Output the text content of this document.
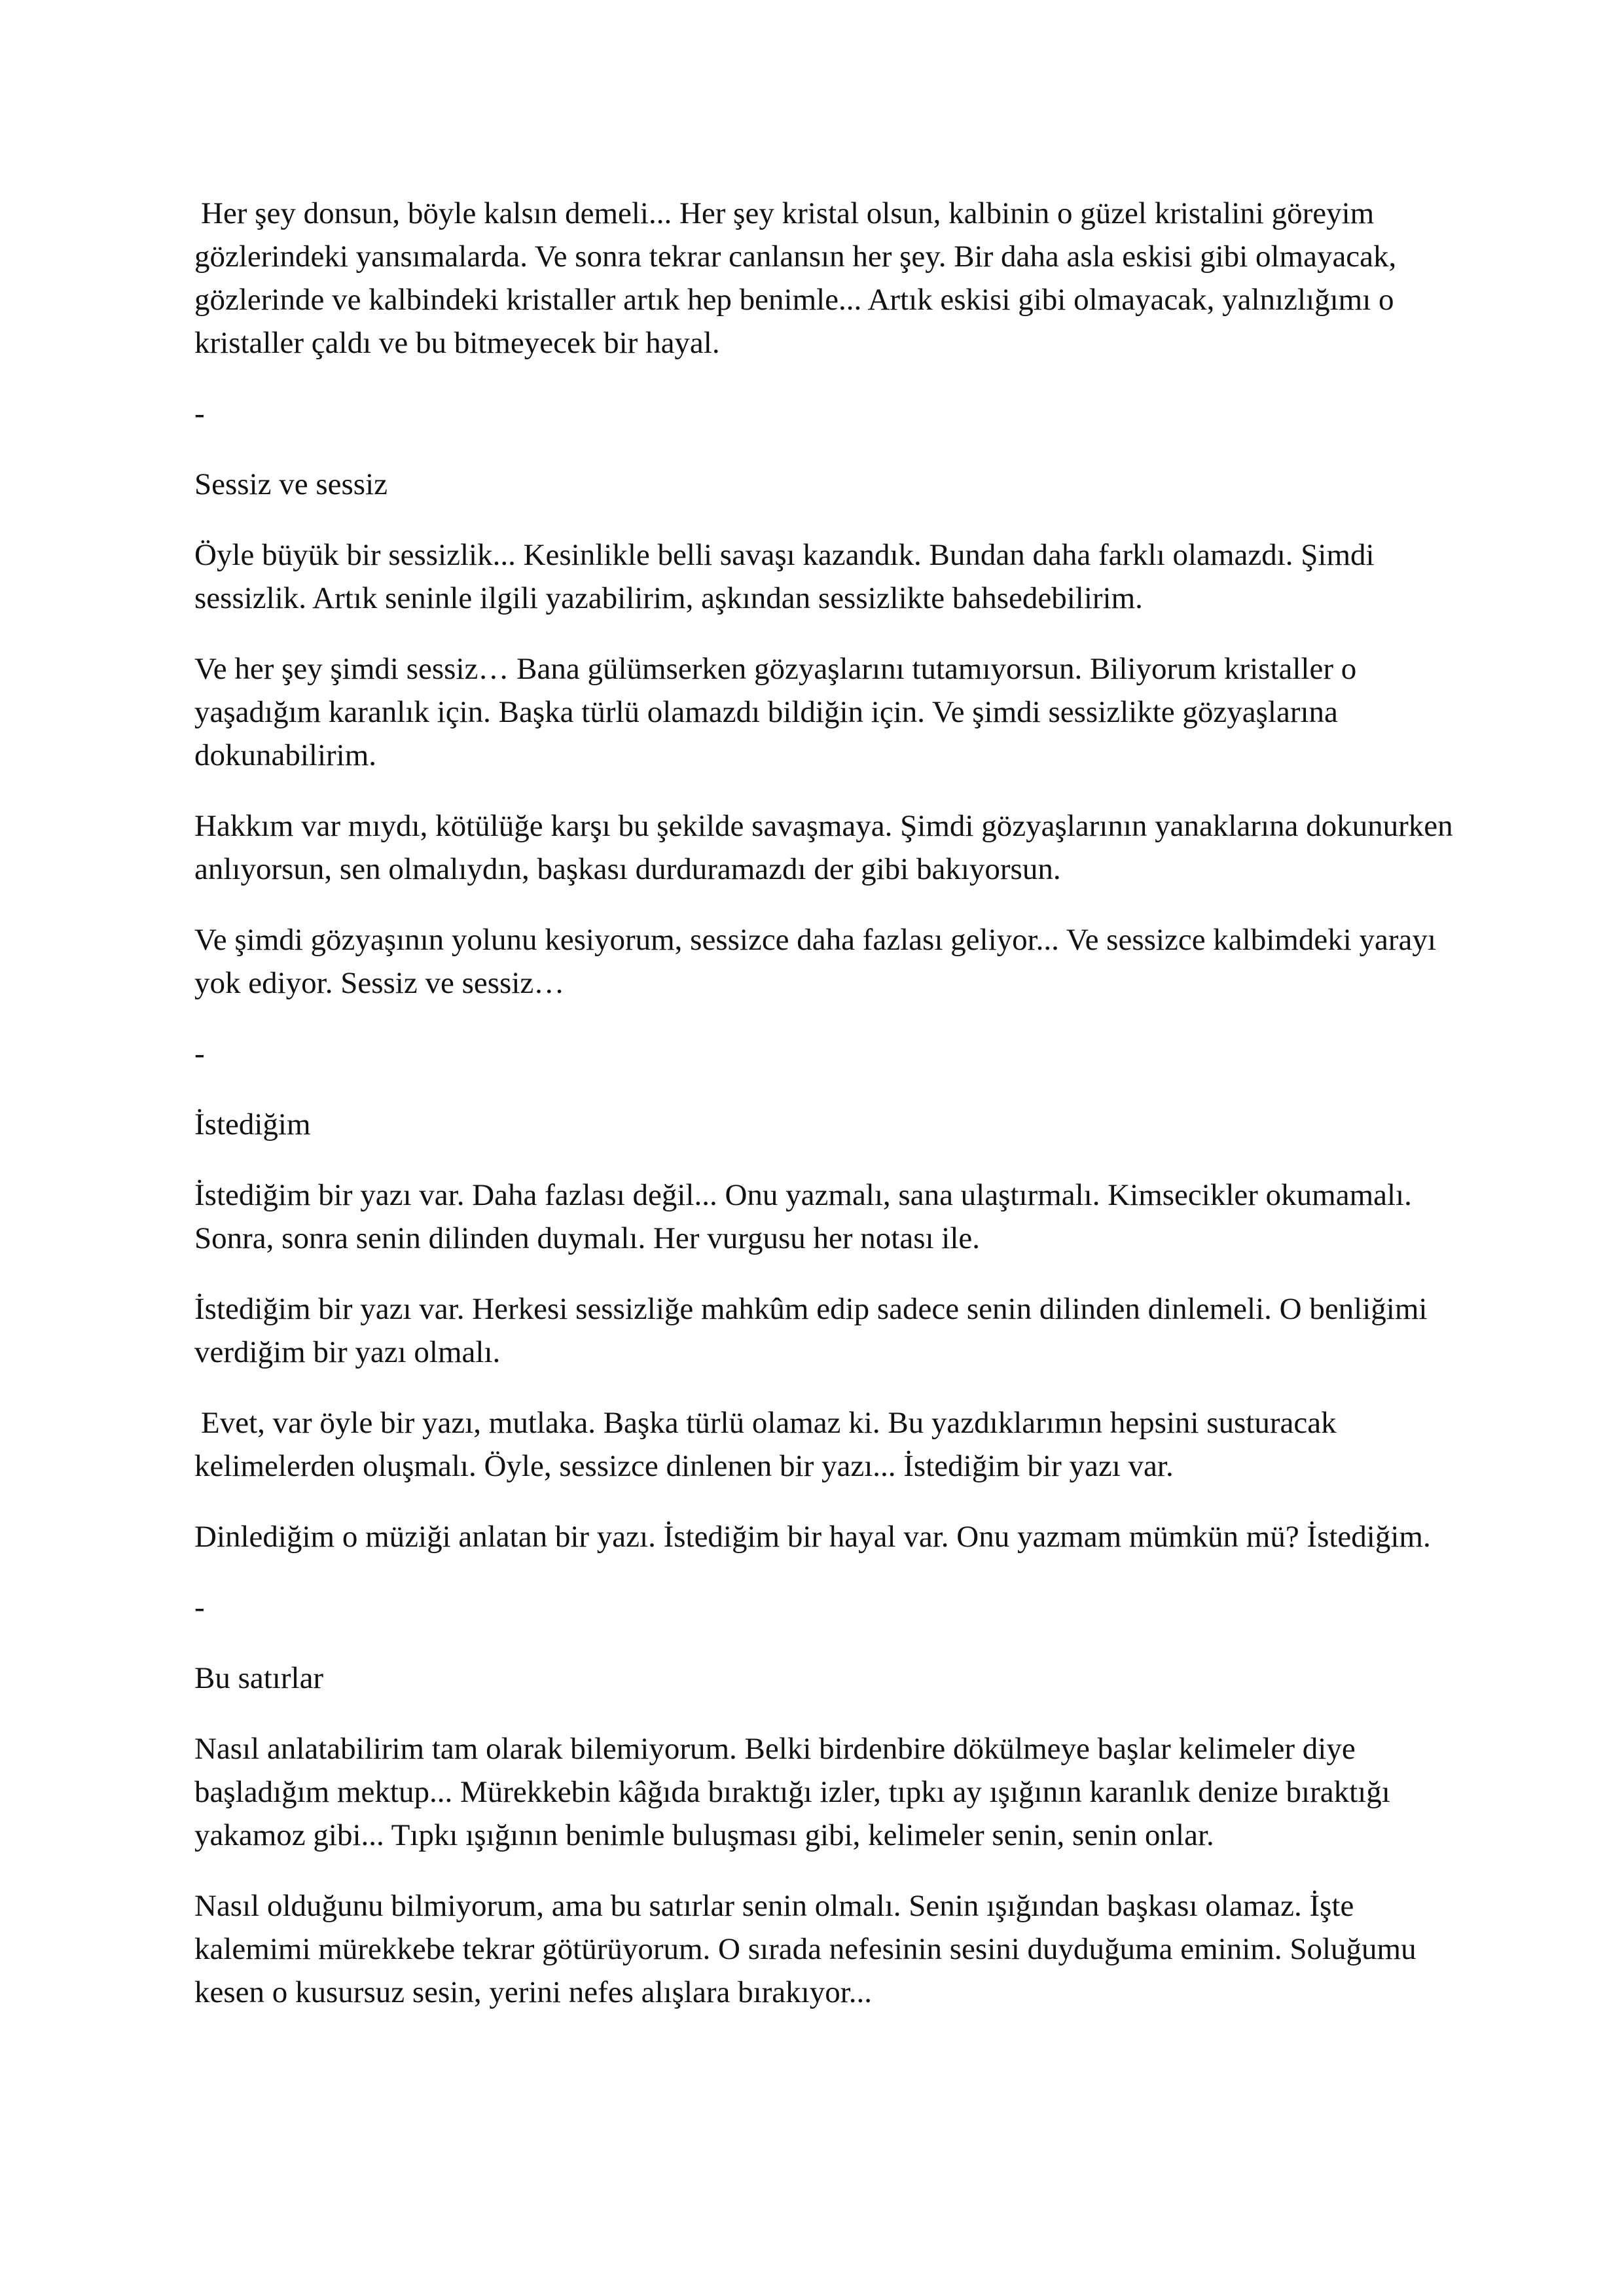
Her şey donsun, böyle kalsın demeli... Her şey kristal olsun, kalbinin o güzel kristalini göreyim gözlerindeki yansımalarda. Ve sonra tekrar canlansın her şey. Bir daha asla eskisi gibi olmayacak, gözlerinde ve kalbindeki kristaller artık hep benimle... Artık eskisi gibi olmayacak, yalnızlığımı o kristaller çaldı ve bu bitmeyecek bir hayal.

-

Sessiz ve sessiz

Öyle büyük bir sessizlik... Kesinlikle belli savaşı kazandık. Bundan daha farklı olamazdı. Şimdi sessizlik. Artık seninle ilgili yazabilirim, aşkından sessizlikte bahsedebilirim.

Ve her şey şimdi sessiz… Bana gülümserken gözyaşlarını tutamıyorsun. Biliyorum kristaller o yaşadığım karanlık için. Başka türlü olamazdı bildiğin için. Ve şimdi sessizlikte gözyaşlarına dokunabilirim.

Hakkım var mıydı, kötülüğe karşı bu şekilde savaşmaya. Şimdi gözyaşlarının yanaklarına dokunurken anlıyorsun, sen olmalıydın, başkası durduramazdı der gibi bakıyorsun.

Ve şimdi gözyaşının yolunu kesiyorum, sessizce daha fazlası geliyor... Ve sessizce kalbimdeki yarayı yok ediyor. Sessiz ve sessiz…

-

İstediğim

İstediğim bir yazı var. Daha fazlası değil... Onu yazmalı, sana ulaştırmalı. Kimsecikler okumamalı. Sonra, sonra senin dilinden duymalı. Her vurgusu her notası ile.

İstediğim bir yazı var. Herkesi sessizliğe mahkûm edip sadece senin dilinden dinlemeli. O benliğimi verdiğim bir yazı olmalı.

Evet, var öyle bir yazı, mutlaka. Başka türlü olamaz ki. Bu yazdıklarımın hepsini susturacak kelimelerden oluşmalı. Öyle, sessizce dinlenen bir yazı... İstediğim bir yazı var.

Dinlediğim o müziği anlatan bir yazı. İstediğim bir hayal var. Onu yazmam mümkün mü? İstediğim.

-

Bu satırlar

Nasıl anlatabilirim tam olarak bilemiyorum. Belki birdenbire dökülmeye başlar kelimeler diye başladığım mektup... Mürekkebin kâğıda bıraktığı izler, tıpkı ay ışığının karanlık denize bıraktığı yakamoz gibi... Tıpkı ışığının benimle buluşması gibi, kelimeler senin, senin onlar.

Nasıl olduğunu bilmiyorum, ama bu satırlar senin olmalı. Senin ışığından başkası olamaz. İşte kalemimi mürekkebe tekrar götürüyorum. O sırada nefesinin sesini duyduğuma eminim. Soluğumu kesen o kusursuz sesin, yerini nefes alışlara bırakıyor...
